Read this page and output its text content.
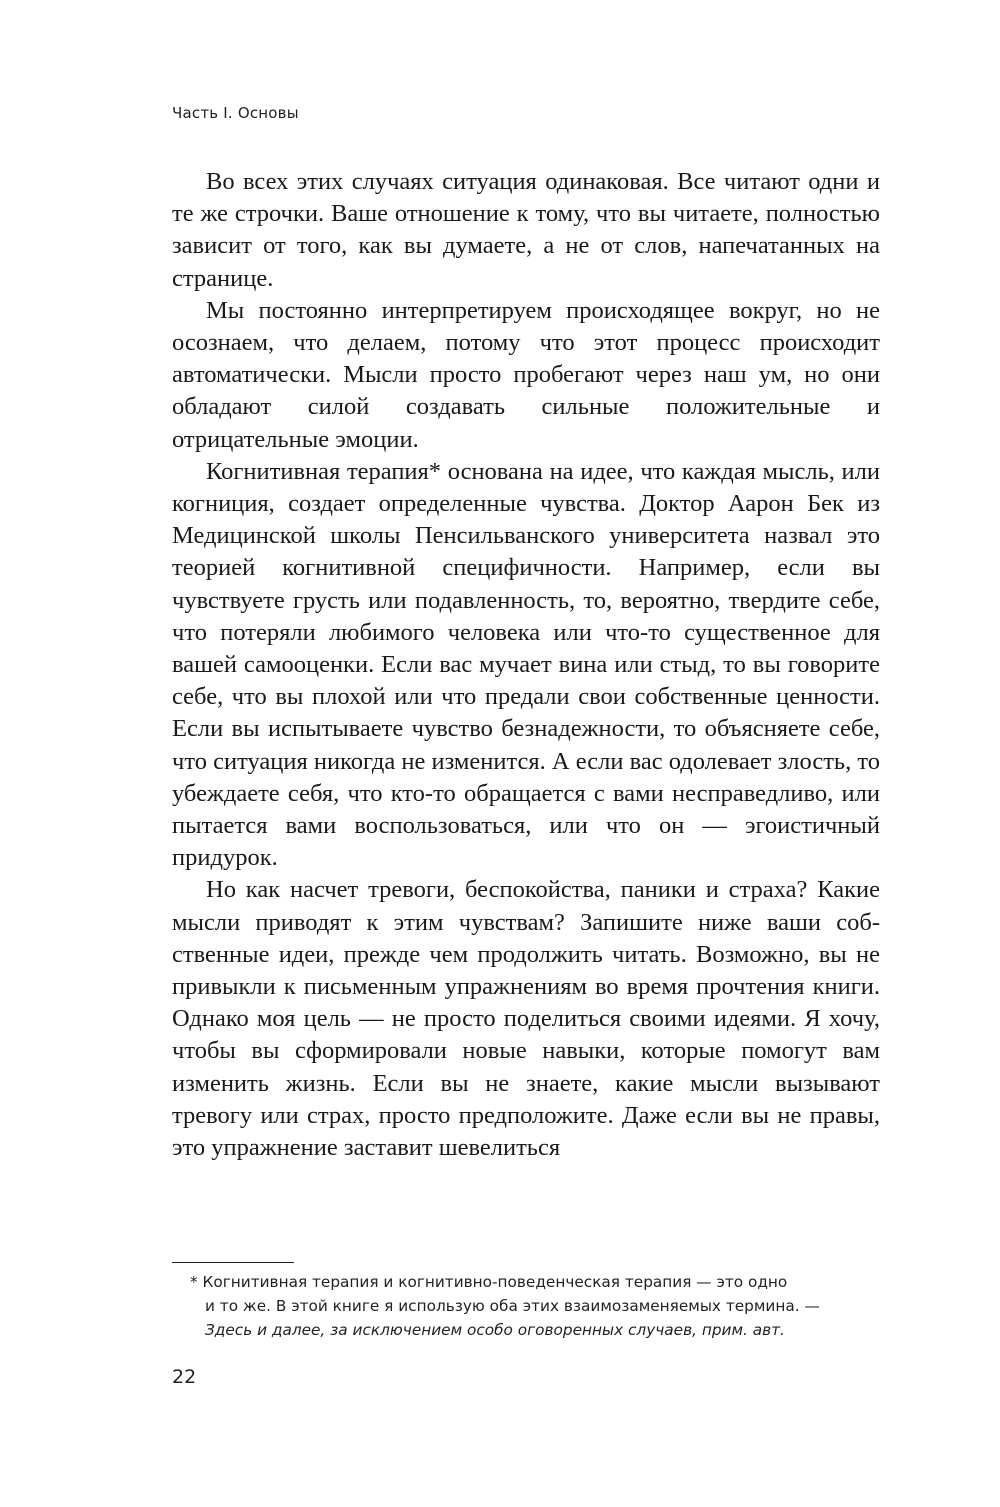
Часть I. Основы

Во всех этих случаях ситуация одинаковая. Все читают одни и те же строчки. Ваше отношение к тому, что вы читаете, полностью зависит от того, как вы думаете, а не от слов, напечатанных на странице.

Мы постоянно интерпретируем происходящее вокруг, но не осознаем, что делаем, потому что этот процесс происходит автоматически. Мысли просто пробегают через наш ум, но они обладают силой создавать сильные положительные и отрицательные эмоции.

Когнитивная терапия* основана на идее, что каждая мысль, или когниция, создает определенные чувства. Доктор Аарон Бек из Медицинской школы Пенсильванского университета назвал это теорией когнитивной специфичности. Например, если вы чувствуете грусть или подавленность, то, вероятно, твердите себе, что потеряли любимого человека или что-то существенное для вашей самооценки. Если вас мучает вина или стыд, то вы говорите себе, что вы плохой или что предали свои собственные ценности. Если вы испытываете чувство безнадежности, то объясняете себе, что ситуация никогда не изменится. А если вас одолевает злость, то убеждаете себя, что кто-то обращается с вами несправедливо, или пытается вами воспользоваться, или что он — эгоистичный придурок.

Но как насчет тревоги, беспокойства, паники и страха? Какие мысли приводят к этим чувствам? Запишите ниже ваши собственные идеи, прежде чем продолжить читать. Возможно, вы не привыкли к письменным упражнениям во время прочтения книги. Однако моя цель — не просто поделиться своими идеями. Я хочу, чтобы вы сформировали новые навыки, которые помогут вам изменить жизнь. Если вы не знаете, какие мысли вызывают тревогу или страх, просто предположите. Даже если вы не правы, это упражнение заставит шевелиться

* Когнитивная терапия и когнитивно-поведенческая терапия — это одно
и то же. В этой книге я использую оба этих взаимозаменяемых термина. —
Здесь и далее, за исключением особо оговоренных случаев, прим. авт.
22
